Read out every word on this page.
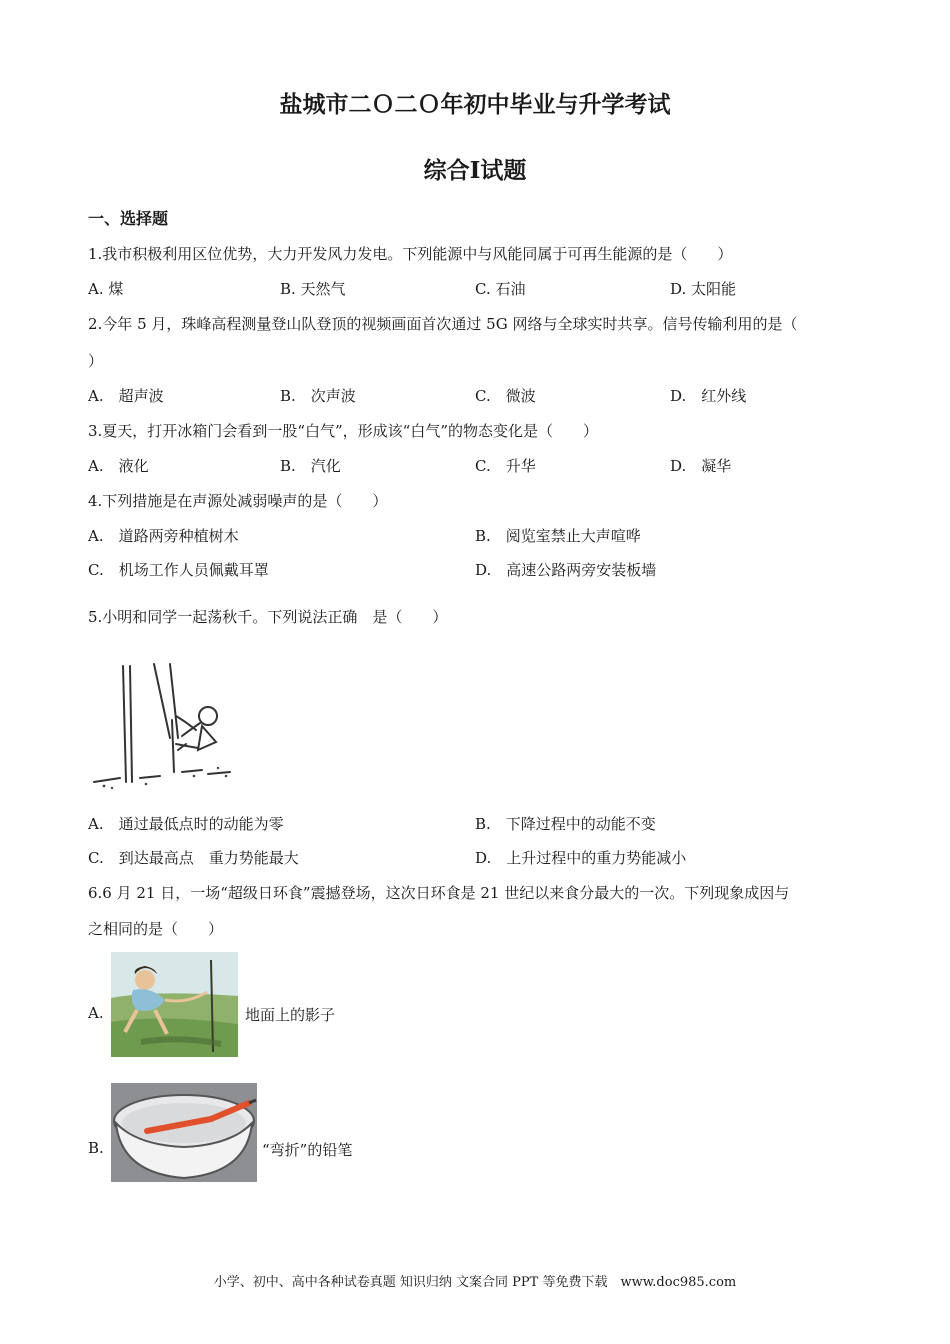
盐城市二Ｏ二Ｏ年初中毕业与升学考试
综合Ⅰ试题
一、选择题
1.我市积极利用区位优势，大力开发风力发电。下列能源中与风能同属于可再生能源的是（　　）
A. 煤	B. 天然气	C. 石油	D. 太阳能
2.今年 5 月，珠峰高程测量登山队登顶的视频画面首次通过 5G 网络与全球实时共享。信号传输利用的是（
）
A.　超声波	B.　次声波	C.　微波	D.　红外线
3.夏天，打开冰箱门会看到一股“白气”，形成该“白气”的物态变化是（　　）
A.　液化	B.　汽化	C.　升华	D.　凝华
4.下列措施是在声源处减弱噪声的是（　　）
A.　道路两旁种植树木	B.　阅览室禁止大声喧哗
C.　机场工作人员佩戴耳罩	D.　高速公路两旁安装板墙
5.小明和同学一起荡秋千。下列说法正确　是（　　）
A.　通过最低点时的动能为零	B.　下降过程中的动能不变
C.　到达最高点　重力势能最大	D.　上升过程中的重力势能减小
6.6 月 21 日，一场“超级日环食”震撼登场，这次日环食是 21 世纪以来食分最大的一次。下列现象成因与
之相同的是（　　）
A.	地面上的影子
B.	“弯折”的铅笔
小学、初中、高中各种试卷真题 知识归纳 文案合同 PPT 等免费下载　www.doc985.com
